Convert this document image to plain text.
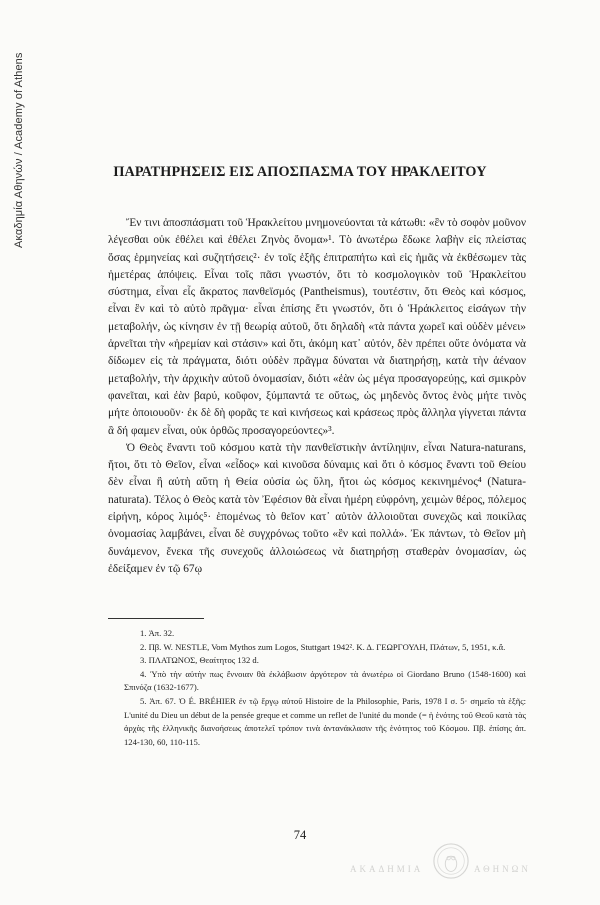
Ακαδημία Αθηνών / Academy of Athens	ΠΑΡΑΤΗΡΗΣΕΙΣ ΕΙΣ ΑΠΟΣΠΑΣΜΑ ΤΟΥ ΗΡΑΚΛΕΙΤΟΥ

Ἔν τινι ἀποσπάσματι τοῦ Ἡρακλείτου μνημονεύονται τὰ κάτωθι: «ἓν τὸ σοφὸν μοῦνον λέγεσθαι οὐκ ἐθέλει καὶ ἐθέλει Ζηνὸς ὄνομα»¹. Τὸ ἀνωτέρω ἔδωκε λαβὴν εἰς πλείστας ὅσας ἑρμηνείας καὶ συζητήσεις²· ἐν τοῖς ἑξῆς ἐπιτραπήτω καὶ εἰς ἡμᾶς νὰ ἐκθέσωμεν τὰς ἡμετέρας ἀπόψεις. Εἶναι τοῖς πᾶσι γνωστόν, ὅτι τὸ κοσμολογικὸν τοῦ Ἡρακλείτου σύστημα, εἶναι εἷς ἄκρατος πανθεϊσμός (Pantheismus), τουτέστιν, ὅτι Θεὸς καὶ κόσμος, εἶναι ἓν καὶ τὸ αὐτὸ πρᾶγμα· εἶναι ἐπίσης ἔτι γνωστόν, ὅτι ὁ Ἡράκλειτος εἰσάγων τὴν μεταβολήν, ὡς κίνησιν ἐν τῇ θεωρίᾳ αὐτοῦ, ὅτι δηλαδὴ «τὰ πάντα χωρεῖ καὶ οὐδὲν μένει» ἀρνεῖται τὴν «ἠρεμίαν καὶ στάσιν» καὶ ὅτι, ἀκόμη κατ᾽ αὐτόν, δὲν πρέπει οὔτε ὀνόματα νὰ δίδωμεν εἰς τὰ πράγματα, διότι οὐδὲν πρᾶγμα δύναται νὰ διατηρήσῃ, κατὰ τὴν ἀέναον μεταβολήν, τὴν ἀρχικὴν αὐτοῦ ὀνομασίαν, διότι «ἐὰν ὡς μέγα προσαγορεύῃς, καὶ σμικρὸν φανεῖται, καὶ ἐὰν βαρύ, κοῦφον, ξύμπαντά τε οὕτως, ὡς μηδενὸς ὄντος ἑνὸς μήτε τινὸς μήτε ὁποιουοῦν· ἐκ δὲ δὴ φορᾶς τε καὶ κινήσεως καὶ κράσεως πρὸς ἄλληλα γίγνεται πάντα ἃ δή φαμεν εἶναι, οὐκ ὀρθῶς προσαγορεύοντες»³.

Ὁ Θεὸς ἔναντι τοῦ κόσμου κατὰ τὴν πανθεϊστικὴν ἀντίληψιν, εἶναι Natura-naturans, ἤτοι, ὅτι τὸ Θεῖον, εἶναι «εἶδος» καὶ κινοῦσα δύναμις καὶ ὅτι ὁ κόσμος ἔναντι τοῦ Θείου δὲν εἶναι ἢ αὐτὴ αὕτη ἡ Θεία οὐσία ὡς ὕλη, ἤτοι ὡς κόσμος κεκινημένος⁴ (Natura-naturata). Τέλος ὁ Θεὸς κατὰ τὸν Ἐφέσιον θὰ εἶναι ἡμέρη εὐφρόνη, χειμὼν θέρος, πόλεμος εἰρήνη, κόρος λιμός⁵· ἑπομένως τὸ θεῖον κατ᾽ αὐτὸν ἀλλοιοῦται συνεχῶς καὶ ποικίλας ὀνομασίας λαμβάνει, εἶναι δὲ συγχρόνως τοῦτο «ἓν καὶ πολλά». Ἐκ πάντων, τὸ Θεῖον μὴ δυνάμενον, ἕνεκα τῆς συνεχοῦς ἀλλοιώσεως νὰ διατηρήσῃ σταθερὰν ὀνομασίαν, ὡς ἐδείξαμεν ἐν τῷ 67ῳ

1. Ἀπ. 32.

2. Πβ. W. NESTLE, Vom Mythos zum Logos, Stuttgart 1942². Κ. Δ. ΓΕΩΡΓΟΥΛΗ, Πλάτων, 5, 1951, κ.ἄ.

3. ΠΛΑΤΩΝΟΣ, Θεαίτητος 132 d.

4. Ὑπὸ τὴν αὐτὴν πως ἔννοιαν θὰ ἐκλάβωσιν ἀργότερον τὰ ἀνωτέρω οἱ Giordano Bruno (1548-1600) καὶ Σπινόζα (1632-1677).

5. Ἀπ. 67. Ὁ É. BRÉHIER ἐν τῷ ἔργῳ αὐτοῦ Histoire de la Philosophie, Paris, 1978 I σ. 5· σημεῖο τὰ ἑξῆς: L'unité du Dieu un début de la pensée greque et comme un reflet de l'unité du monde (= ἡ ἑνότης τοῦ Θεοῦ κατὰ τὰς ἀρχὰς τῆς ἑλληνικῆς διανοήσεως ἀποτελεῖ τρόπον τινὰ ἀντανάκλασιν τῆς ἑνότητος τοῦ Κόσμου. Πβ. ἐπίσης ἀπ. 124-130, 60, 110-115.

74
ΑΚΑΔΗΜΙΑ	ΑΘΗΝΩΝ
